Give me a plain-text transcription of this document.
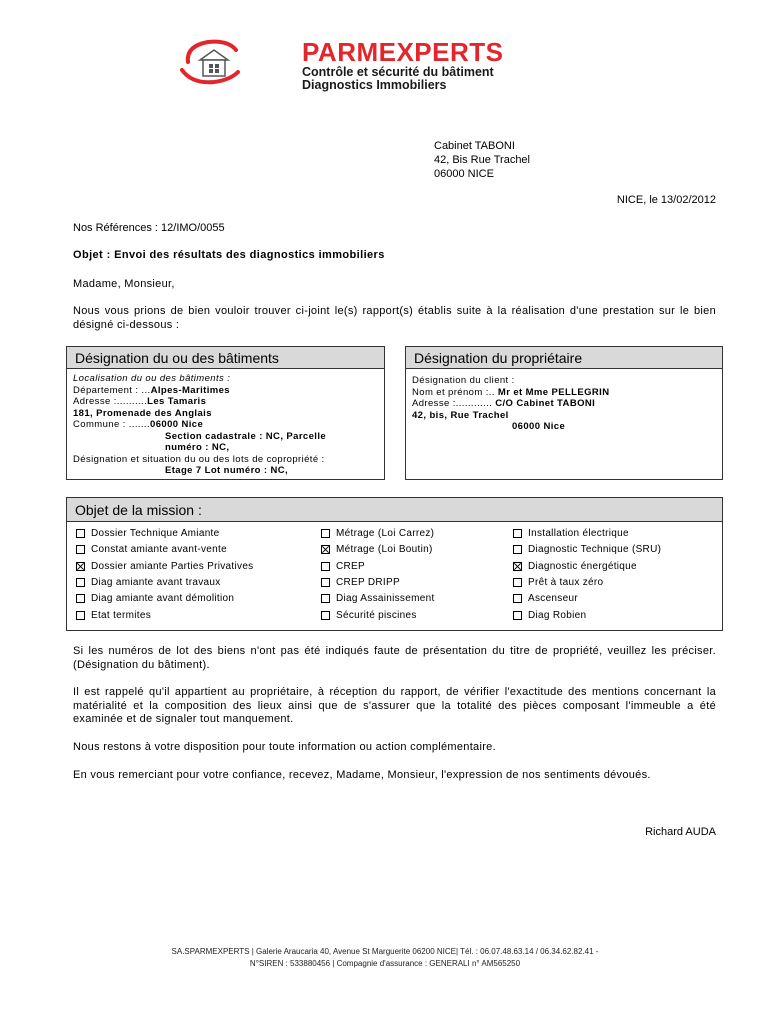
PARMEXPERTS
Contrôle et sécurité du bâtiment
Diagnostics Immobiliers
Cabinet TABONI
42, Bis Rue Trachel
06000 NICE
NICE, le 13/02/2012
Nos Références : 12/IMO/0055
Objet : Envoi des résultats des diagnostics immobiliers
Madame, Monsieur,
Nous vous prions de bien vouloir trouver ci-joint le(s) rapport(s) établis suite à la réalisation d'une prestation sur le bien désigné ci-dessous :
Désignation du ou des bâtiments
Localisation du ou des bâtiments :
Département : ...Alpes-Maritimes
Adresse :..........Les Tamaris
181, Promenade des Anglais
Commune : .......06000 Nice
Section cadastrale : NC, Parcelle
numéro : NC,
Désignation et situation du ou des lots de copropriété :
Etage 7 Lot numéro : NC,
Désignation du propriétaire
Désignation du client :
Nom et prénom :.. Mr et Mme PELLEGRIN
Adresse :............ C/O Cabinet TABONI
42, bis, Rue Trachel
06000 Nice
Objet de la mission :
Dossier Technique Amiante
Constat amiante avant-vente
Dossier amiante Parties Privatives
Diag amiante avant travaux
Diag amiante avant démolition
Etat termites
Métrage (Loi Carrez)
Métrage (Loi Boutin)
CREP
CREP DRIPP
Diag Assainissement
Sécurité piscines
Installation électrique
Diagnostic Technique (SRU)
Diagnostic énergétique
Prêt à taux zéro
Ascenseur
Diag Robien
Si les numéros de lot des biens n'ont pas été indiqués faute de présentation du titre de propriété, veuillez les préciser. (Désignation du bâtiment).
Il est rappelé qu'il appartient au propriétaire, à réception du rapport, de vérifier l'exactitude des mentions concernant la matérialité et la composition des lieux ainsi que de s'assurer que la totalité des pièces composant l'immeuble a été examinée et de signaler tout manquement.
Nous restons à votre disposition pour toute information ou action complémentaire.
En vous remerciant pour votre confiance, recevez, Madame, Monsieur, l'expression de nos sentiments dévoués.
Richard AUDA
SA.SPARMEXPERTS | Galerie Araucaria 40, Avenue St Marguerite 06200 NICE| Tél. : 06.07.48.63.14 / 06.34.62.82.41 -
N°SIREN : 533880456 | Compagnie d'assurance : GENERALI n° AM565250
